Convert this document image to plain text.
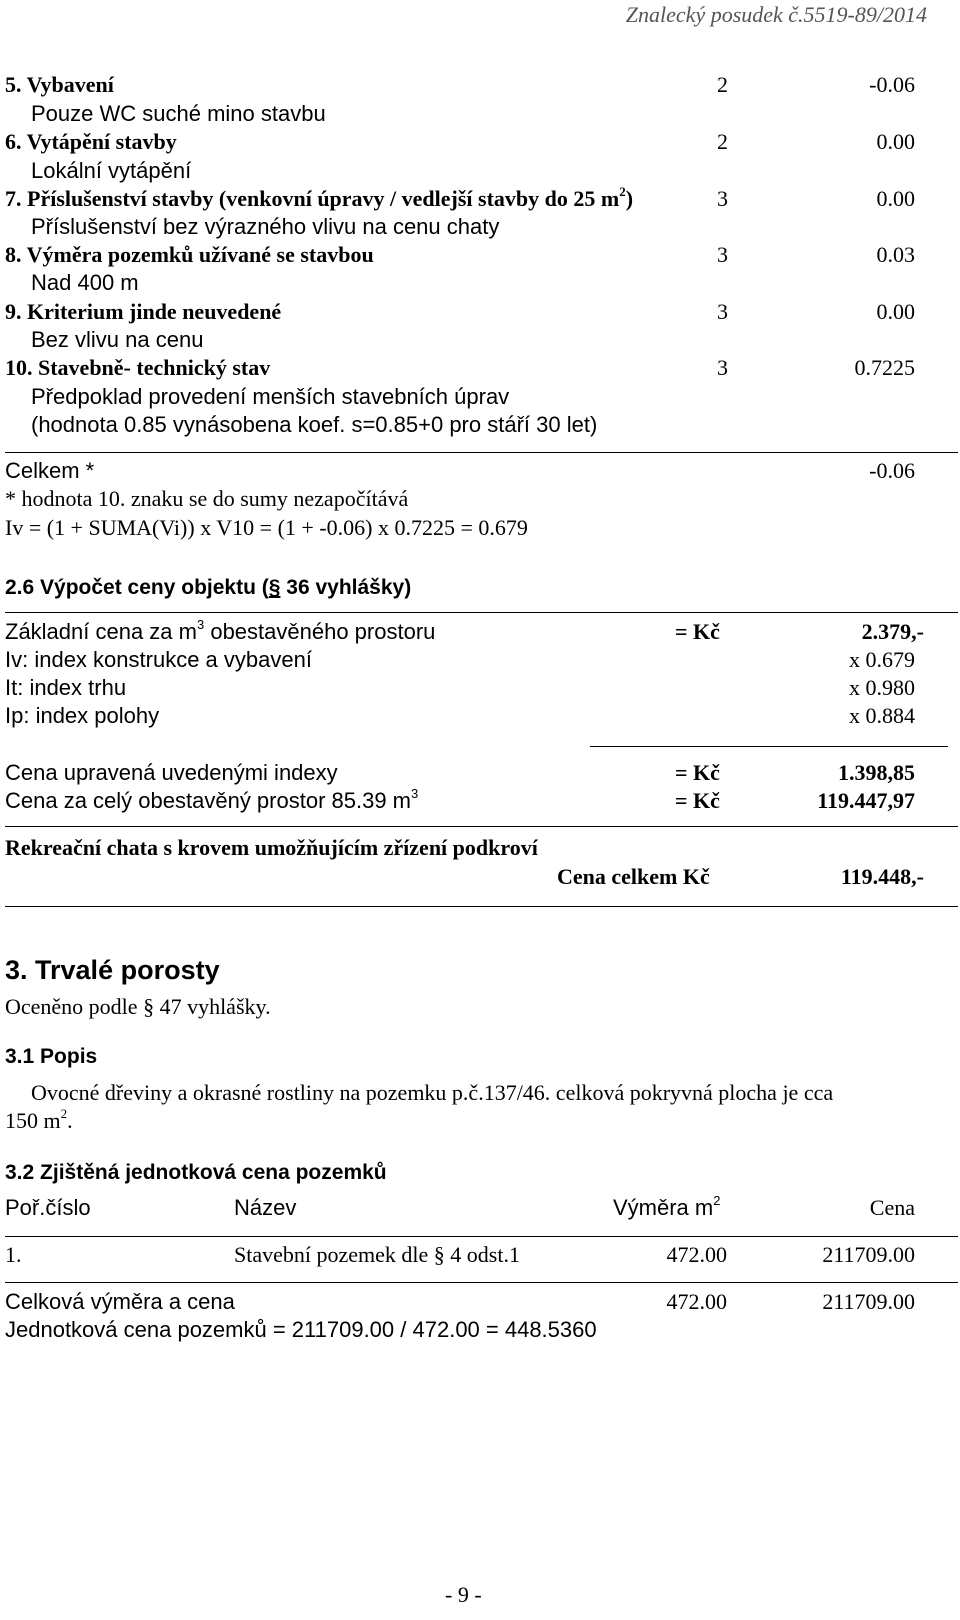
Znalecký posudek č.5519-89/2014
5. Vybavení	2	-0.06
Pouze WC suché mino stavbu
6. Vytápění stavby	2	0.00
Lokální vytápění
7. Příslušenství stavby (venkovní úpravy / vedlejší stavby do 25 $m^2$)	3	0.00
Příslušenství bez výrazného vlivu na cenu chaty
8. Výměra pozemků užívané se stavbou	3	0.03
Nad 400 m
9. Kriterium jinde neuvedené	3	0.00
Bez vlivu na cenu
10. Stavebně- technický stav	3	0.7225
Předpoklad provedení menších stavebních úprav
(hodnota 0.85 vynásobena koef. s=0.85+0 pro stáří 30 let)
Celkem *	-0.06
* hodnota 10. znaku se do sumy nezapočítává
Iv = (1 + SUMA(Vi)) x V10 = (1 + -0.06) x 0.7225 = 0.679
2.6 Výpočet ceny objektu (§ 36 vyhlášky)
Základní cena za $m^3$ obestavěného prostoru	= Kč	2.379,-
Iv: index konstrukce a vybavení	x 0.679
It: index trhu	x 0.980
Ip: index polohy	x 0.884
Cena upravená uvedenými indexy	= Kč	1.398,85
Cena za celý obestavěný prostor 85.39 $m^3$	= Kč	119.447,97
Rekreační chata s krovem umožňujícím zřízení podkroví
Cena celkem Kč	119.448,-
3. Trvalé porosty
Oceněno podle § 47 vyhlášky.
3.1 Popis
Ovocné dřeviny a okrasné rostliny na pozemku p.č.137/46. celková pokryvná plocha je cca
150 $m^2$.
3.2 Zjištěná jednotková cena pozemků
Poř.číslo	Název	Výměra $m^2$	Cena
1.	Stavební pozemek dle § 4 odst.1	472.00	211709.00
Celková výměra a cena	472.00	211709.00
Jednotková cena pozemků = 211709.00 / 472.00 = 448.5360
- 9 -
